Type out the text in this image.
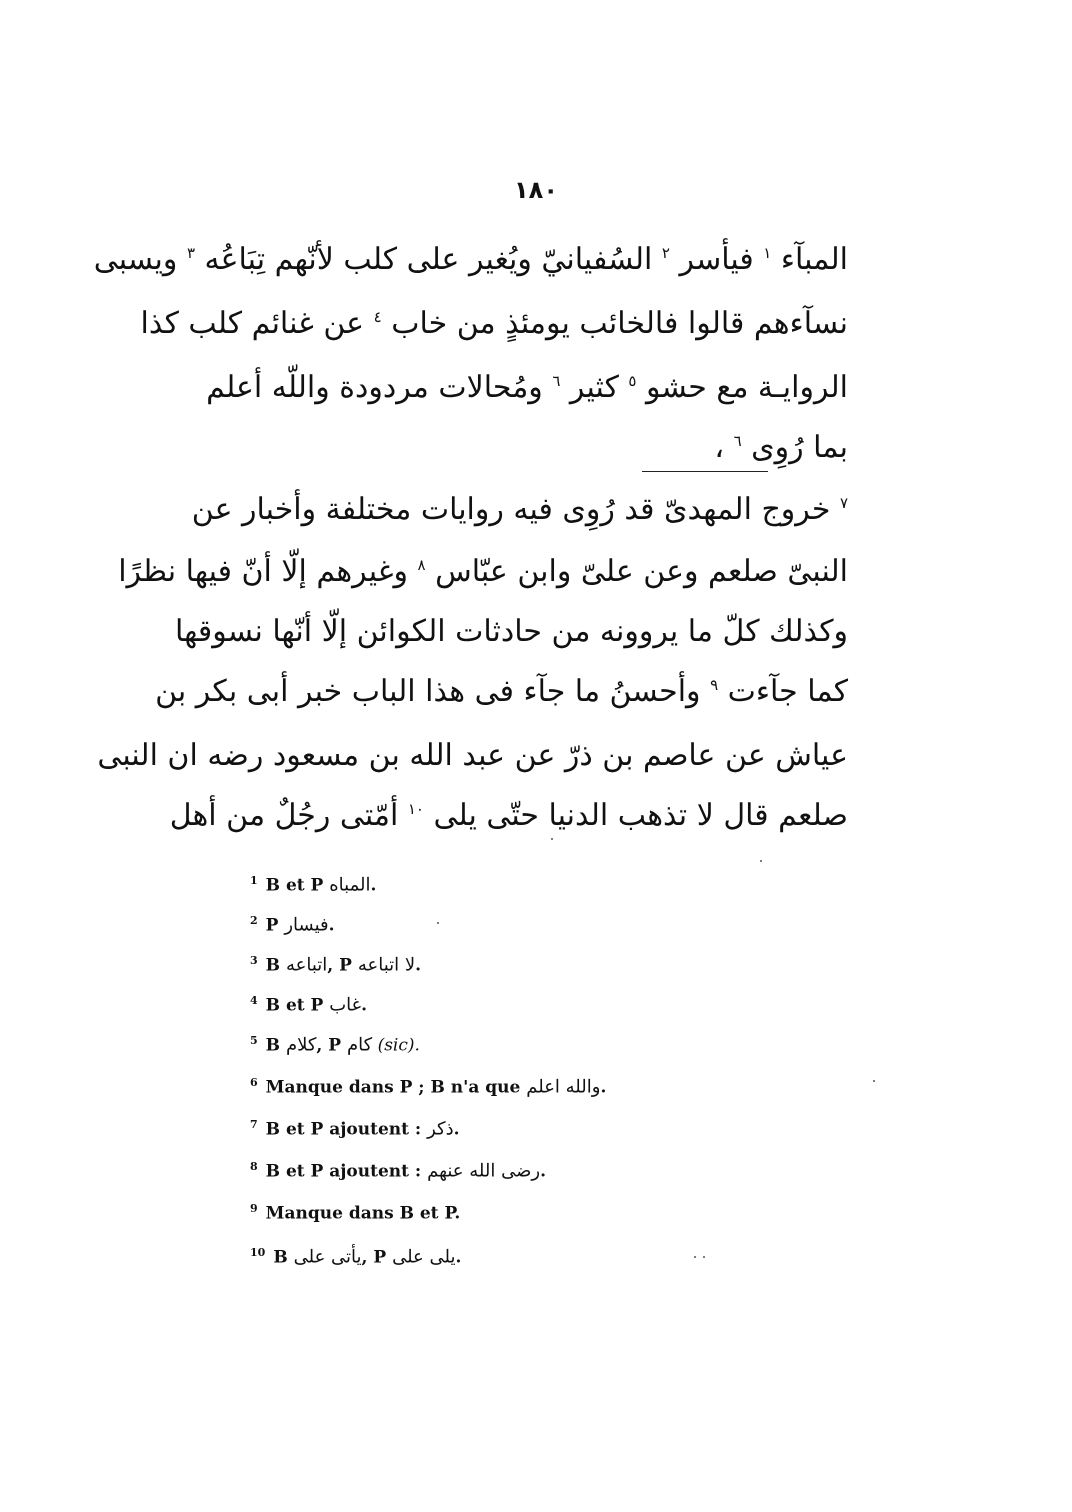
١٨٠
المبآء $^١$ فيأسر $^٢$ السُفيانيّ ويُغير على كلب لأنّهم تِبَاعُه $^٣$ ويسبى
نسآءهم قالوا فالخائب يومئذٍ من خاب $^٤$ عن غنائم كلب كذا
الروايـة مع حشو $^٥$ كثير $^٦$ ومُحالات مردودة واللّه أعلم
بما رُوِى $^٦$ ،
$^٧$ خروج المهدىّ قد رُوِى فيه روايات مختلفة وأخبار عن
النبىّ صلعم وعن علىّ وابن عبّاس $^٨$ وغيرهم إلّا أنّ فيها نظرًا
وكذلك كلّ ما يروونه من حادثات الكوائن إلّا أنّها نسوقها
كما جآءت $^٩$ وأحسنُ ما جآء فى هذا الباب خبر أبى بكر بن
عياش عن عاصم بن ذرّ عن عبد الله بن مسعود رضه ان النبى
صلعم قال لا تذهب الدنيا حتّى يلى $^{١٠}$ أمّتى رجُلٌ من أهل
$^1$ B et P المباه.
$^2$ P فيسار.
$^3$ B اتباعه, P لا اتباعه.
$^4$ B et P غاب.
$^5$ B كلام, P كام (sic).
$^6$ Manque dans P ; B n'a que والله اعلم.
$^7$ B et P ajoutent : ذكر.
$^8$ B et P ajoutent : رضى الله عنهم.
$^9$ Manque dans B et P.
$^{10}$ B يأتى على, P يلى على.
